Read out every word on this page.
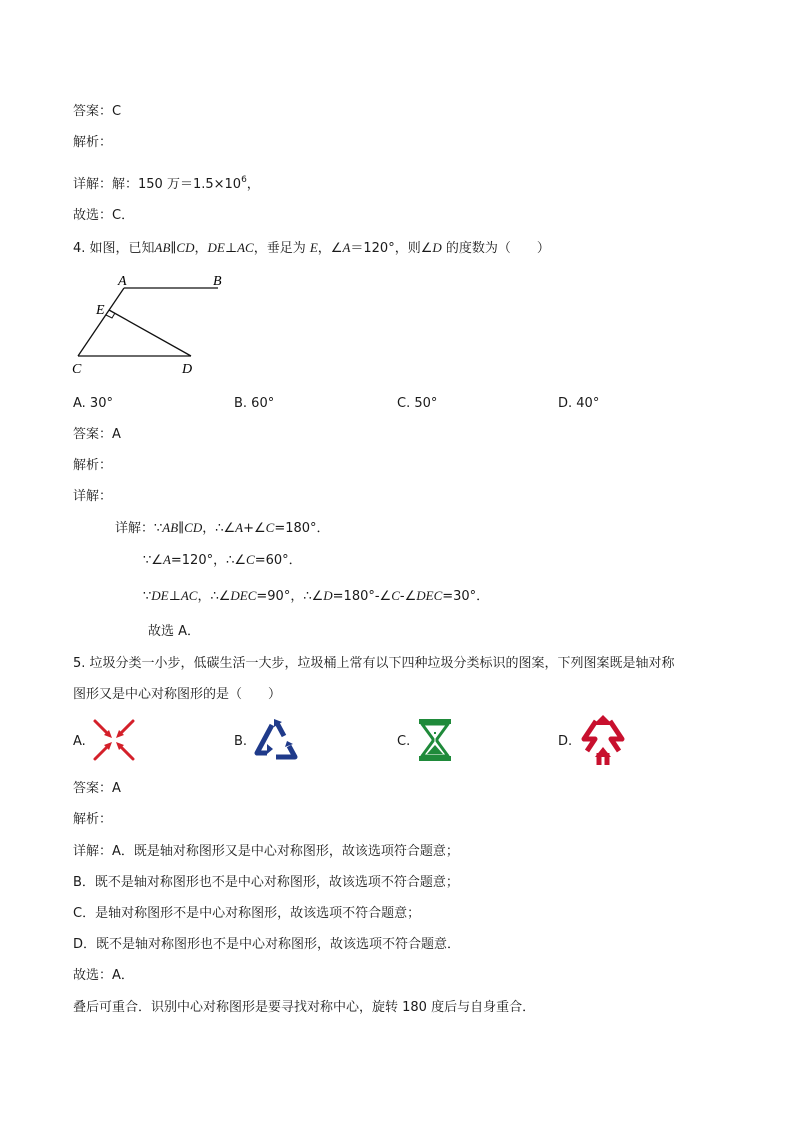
答案：C
解析：
详解：解：150 万$=1.5\times 10^6$，
故选：C．
4. 如图，已知AB∥CD，DE⊥AC，垂足为 E，∠A＝120°，则∠D 的度数为（　　）
A	B
E
C	D
A. 30°	B. 60°	C. 50°	D. 40°
答案：A
解析：
详解：
详解：∵AB∥CD，∴∠A+∠C=180°．
∵∠A=120°，∴∠C=60°．
∵DE⊥AC，∴∠DEC=90°，∴∠D=180°-∠C-∠DEC=30°．
故选 A．
5. 垃圾分类一小步，低碳生活一大步，垃圾桶上常有以下四种垃圾分类标识的图案，下列图案既是轴对称
图形又是中心对称图形的是（　　）
A.	B.	C.	D.
答案：A
解析：
详解：A．既是轴对称图形又是中心对称图形，故该选项符合题意；
B．既不是轴对称图形也不是中心对称图形，故该选项不符合题意；
C．是轴对称图形不是中心对称图形，故该选项不符合题意；
D．既不是轴对称图形也不是中心对称图形，故该选项不符合题意．
故选：A．
叠后可重合．识别中心对称图形是要寻找对称中心，旋转 180 度后与自身重合．
